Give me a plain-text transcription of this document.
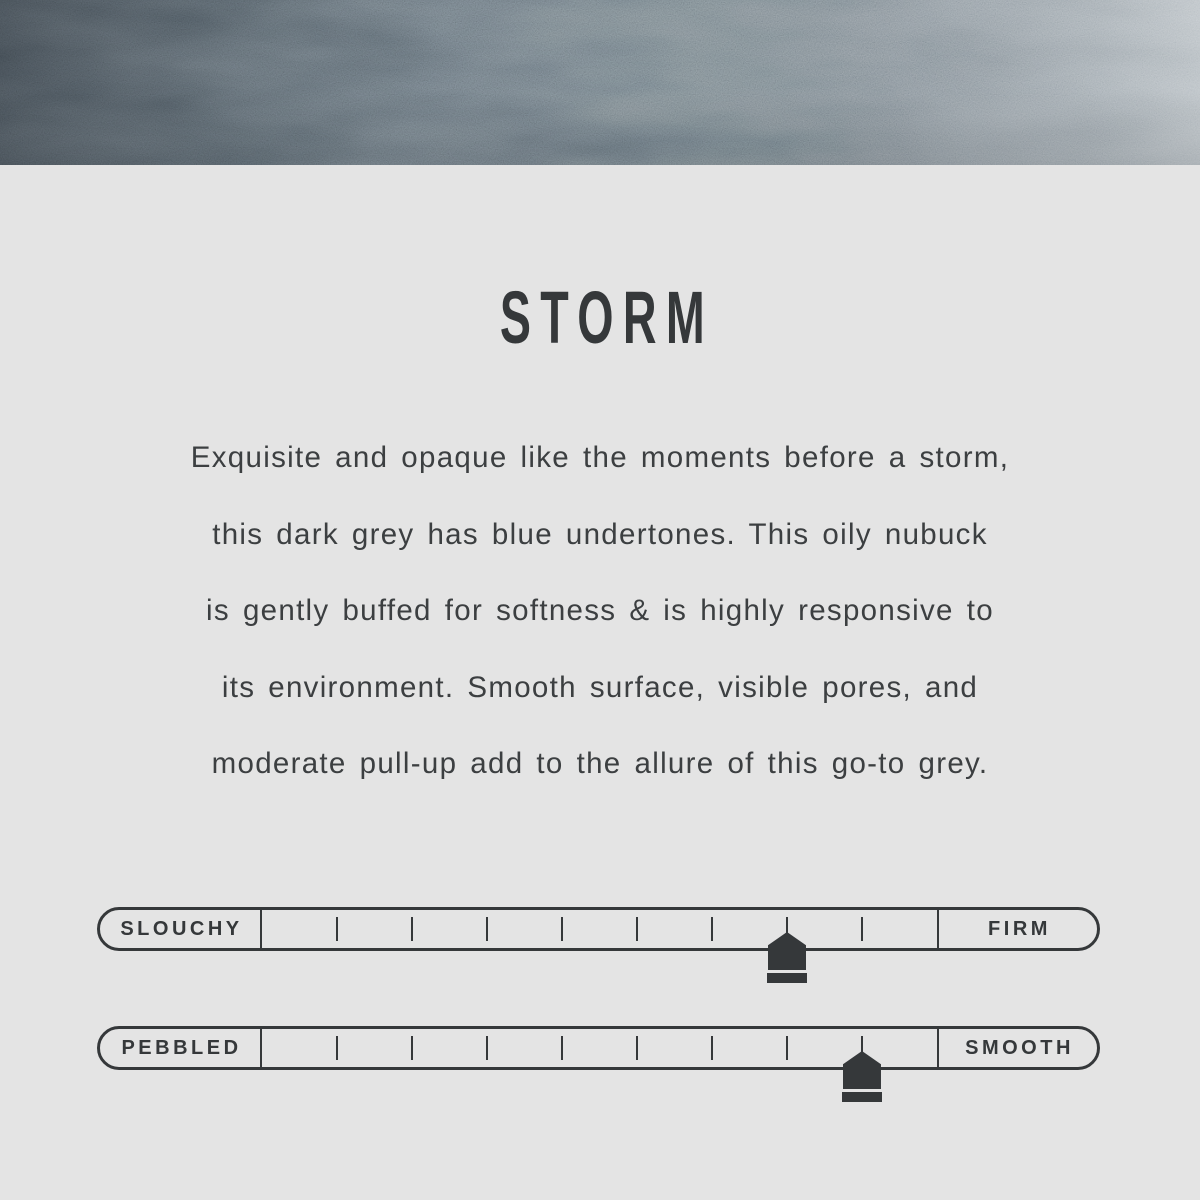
STORM
Exquisite and opaque like the moments before a storm,
this dark grey has blue undertones. This oily nubuck
is gently buffed for softness & is highly responsive to
its environment. Smooth surface, visible pores, and
moderate pull-up add to the allure of this go-to grey.
SLOUCHY	FIRM
PEBBLED	SMOOTH
